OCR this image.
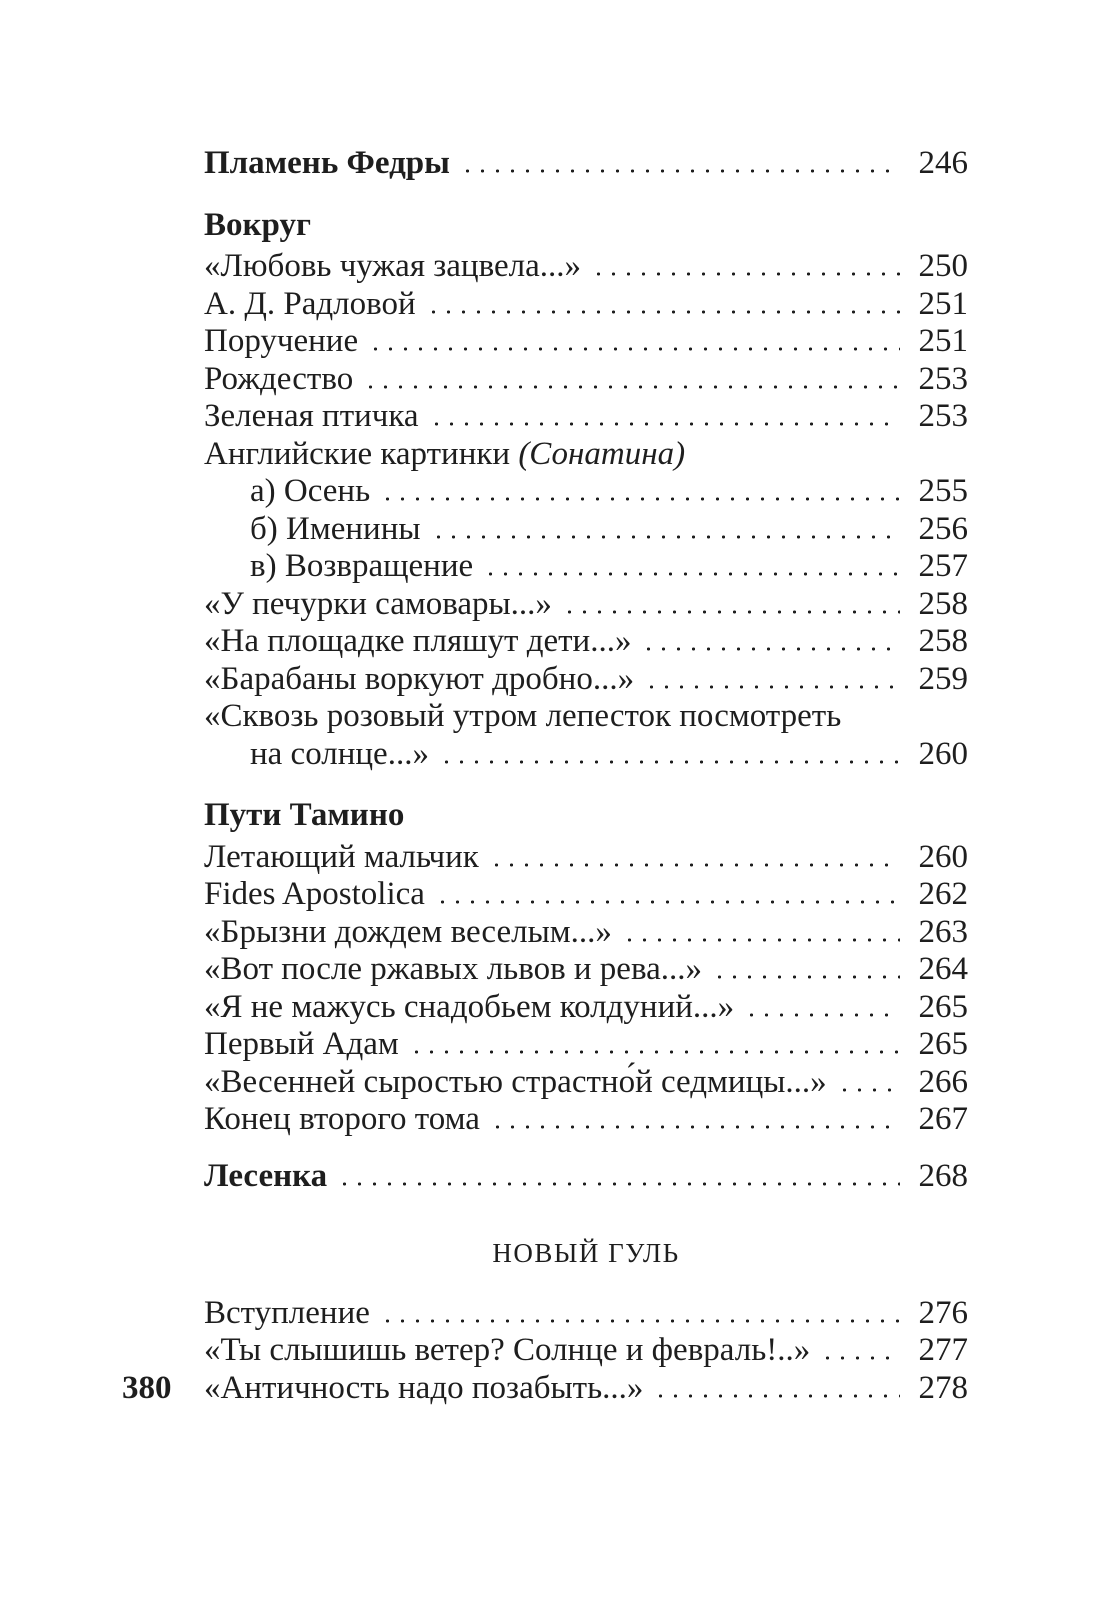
Пламень Федры	246
Вокруг
«Любовь чужая зацвела...»	250
А. Д. Радловой	251
Поручение	251
Рождество	253
Зеленая птичка	253
Английские картинки (Сонатина)
а) Осень	255
б) Именины	256
в) Возвращение	257
«У печурки самовары...»	258
«На площадке пляшут дети...»	258
«Барабаны воркуют дробно...»	259
«Сквозь розовый утром лепесток посмотреть
на солнце...»	260
Пути Тамино
Летающий мальчик	260
Fides Apostolica	262
«Брызни дождем веселым...»	263
«Вот после ржавых львов и рева...»	264
«Я не мажусь снадобьем колдуний...»	265
Первый Адам	265
«Весенней сыростью страстно́й седмицы...»	266
Конец второго тома	267
Лесенка	268
НОВЫЙ ГУЛЬ
Вступление	276
«Ты слышишь ветер? Солнце и февраль!..»	277
«Античность надо позабыть...»	278
380
